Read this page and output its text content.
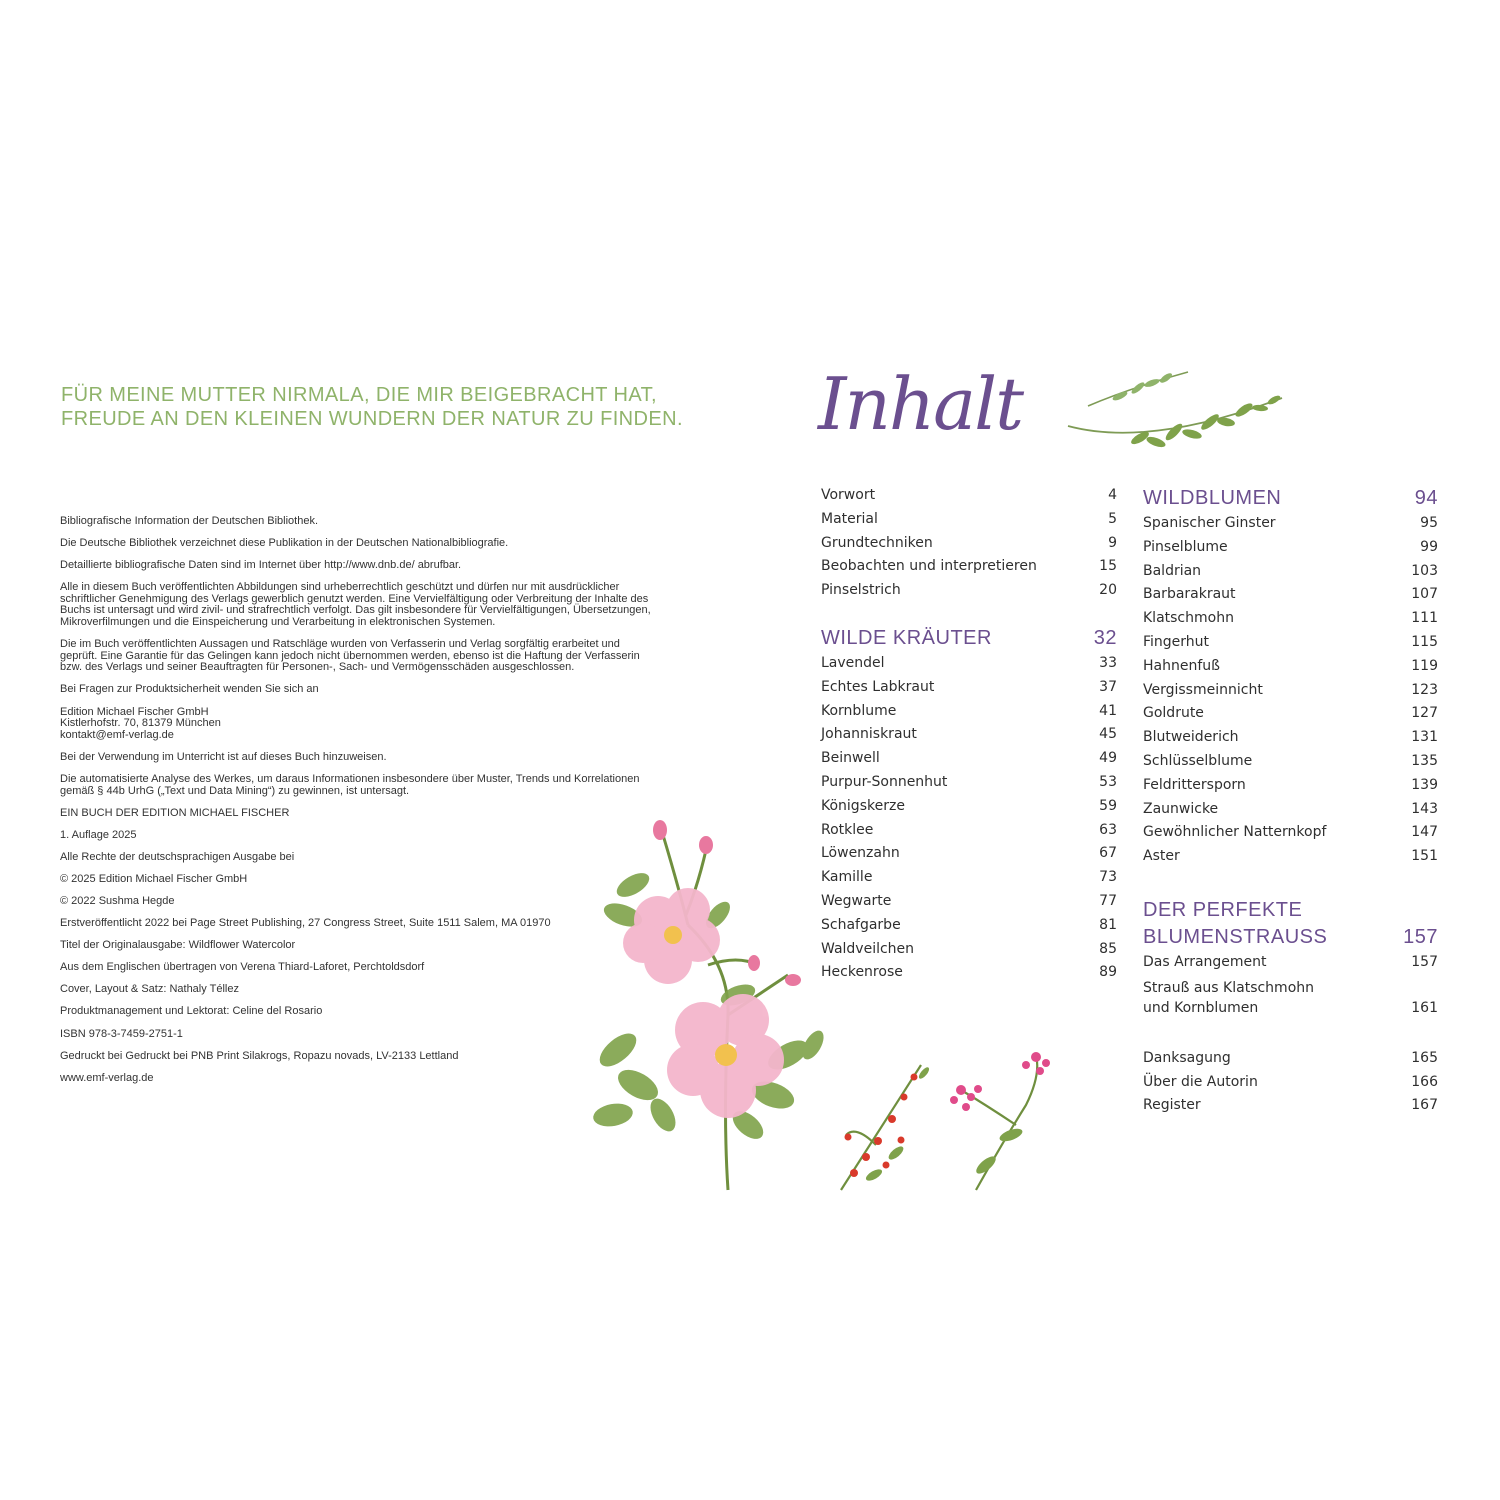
FÜR MEINE MUTTER NIRMALA, DIE MIR BEIGEBRACHT HAT,
FREUDE AN DEN KLEINEN WUNDERN DER NATUR ZU FINDEN.

Bibliografische Information der Deutschen Bibliothek.

Die Deutsche Bibliothek verzeichnet diese Publikation in der Deutschen Nationalbibliografie.

Detaillierte bibliografische Daten sind im Internet über http://www.dnb.de/ abrufbar.

Alle in diesem Buch veröffentlichten Abbildungen sind urheberrechtlich geschützt und dürfen nur mit ausdrücklicher schriftlicher Genehmigung des Verlags gewerblich genutzt werden. Eine Vervielfältigung oder Verbreitung der Inhalte des Buchs ist untersagt und wird zivil- und strafrechtlich verfolgt. Das gilt insbesondere für Vervielfältigungen, Übersetzungen, Mikroverfilmungen und die Einspeicherung und Verarbeitung in elektronischen Systemen.

Die im Buch veröffentlichten Aussagen und Ratschläge wurden von Verfasserin und Verlag sorgfältig erarbeitet und geprüft. Eine Garantie für das Gelingen kann jedoch nicht übernommen werden, ebenso ist die Haftung der Verfasserin bzw. des Verlags und seiner Beauftragten für Personen-, Sach- und Vermögensschäden ausgeschlossen.

Bei Fragen zur Produktsicherheit wenden Sie sich an

Edition Michael Fischer GmbH

Kistlerhofstr. 70, 81379 München

kontakt@emf-verlag.de

Bei der Verwendung im Unterricht ist auf dieses Buch hinzuweisen.

Die automatisierte Analyse des Werkes, um daraus Informationen insbesondere über Muster, Trends und Korrelationen gemäß § 44b UrhG („Text und Data Mining“) zu gewinnen, ist untersagt.

EIN BUCH DER EDITION MICHAEL FISCHER

1. Auflage 2025

Alle Rechte der deutschsprachigen Ausgabe bei

© 2025 Edition Michael Fischer GmbH

© 2022 Sushma Hegde

Erstveröffentlicht 2022 bei Page Street Publishing, 27 Congress Street, Suite 1511 Salem, MA 01970

Titel der Originalausgabe: Wildflower Watercolor

Aus dem Englischen übertragen von Verena Thiard-Laforet, Perchtoldsdorf

Cover, Layout & Satz: Nathaly Téllez

Produktmanagement und Lektorat: Celine del Rosario

ISBN 978-3-7459-2751-1

Gedruckt bei Gedruckt bei PNB Print Silakrogs, Ropazu novads, LV-2133 Lettland

www.emf-verlag.de

Inhalt
Vorwort	4
Material	5
Grundtechniken	9
Beobachten und interpretieren	15
Pinselstrich	20
WILDE KRÄUTER	32
Lavendel	33
Echtes Labkraut	37
Kornblume	41
Johanniskraut	45
Beinwell	49
Purpur-Sonnenhut	53
Königskerze	59
Rotklee	63
Löwenzahn	67
Kamille	73
Wegwarte	77
Schafgarbe	81
Waldveilchen	85
Heckenrose	89
WILDBLUMEN	94
Spanischer Ginster	95
Pinselblume	99
Baldrian	103
Barbarakraut	107
Klatschmohn	111
Fingerhut	115
Hahnenfuß	119
Vergissmeinnicht	123
Goldrute	127
Blutweiderich	131
Schlüsselblume	135
Feldrittersporn	139
Zaunwicke	143
Gewöhnlicher Natternkopf	147
Aster	151
DER PERFEKTE
BLUMENSTRAUSS	157
Das Arrangement	157
Strauß aus Klatschmohn
und Kornblumen	161
Danksagung	165
Über die Autorin	166
Register	167
